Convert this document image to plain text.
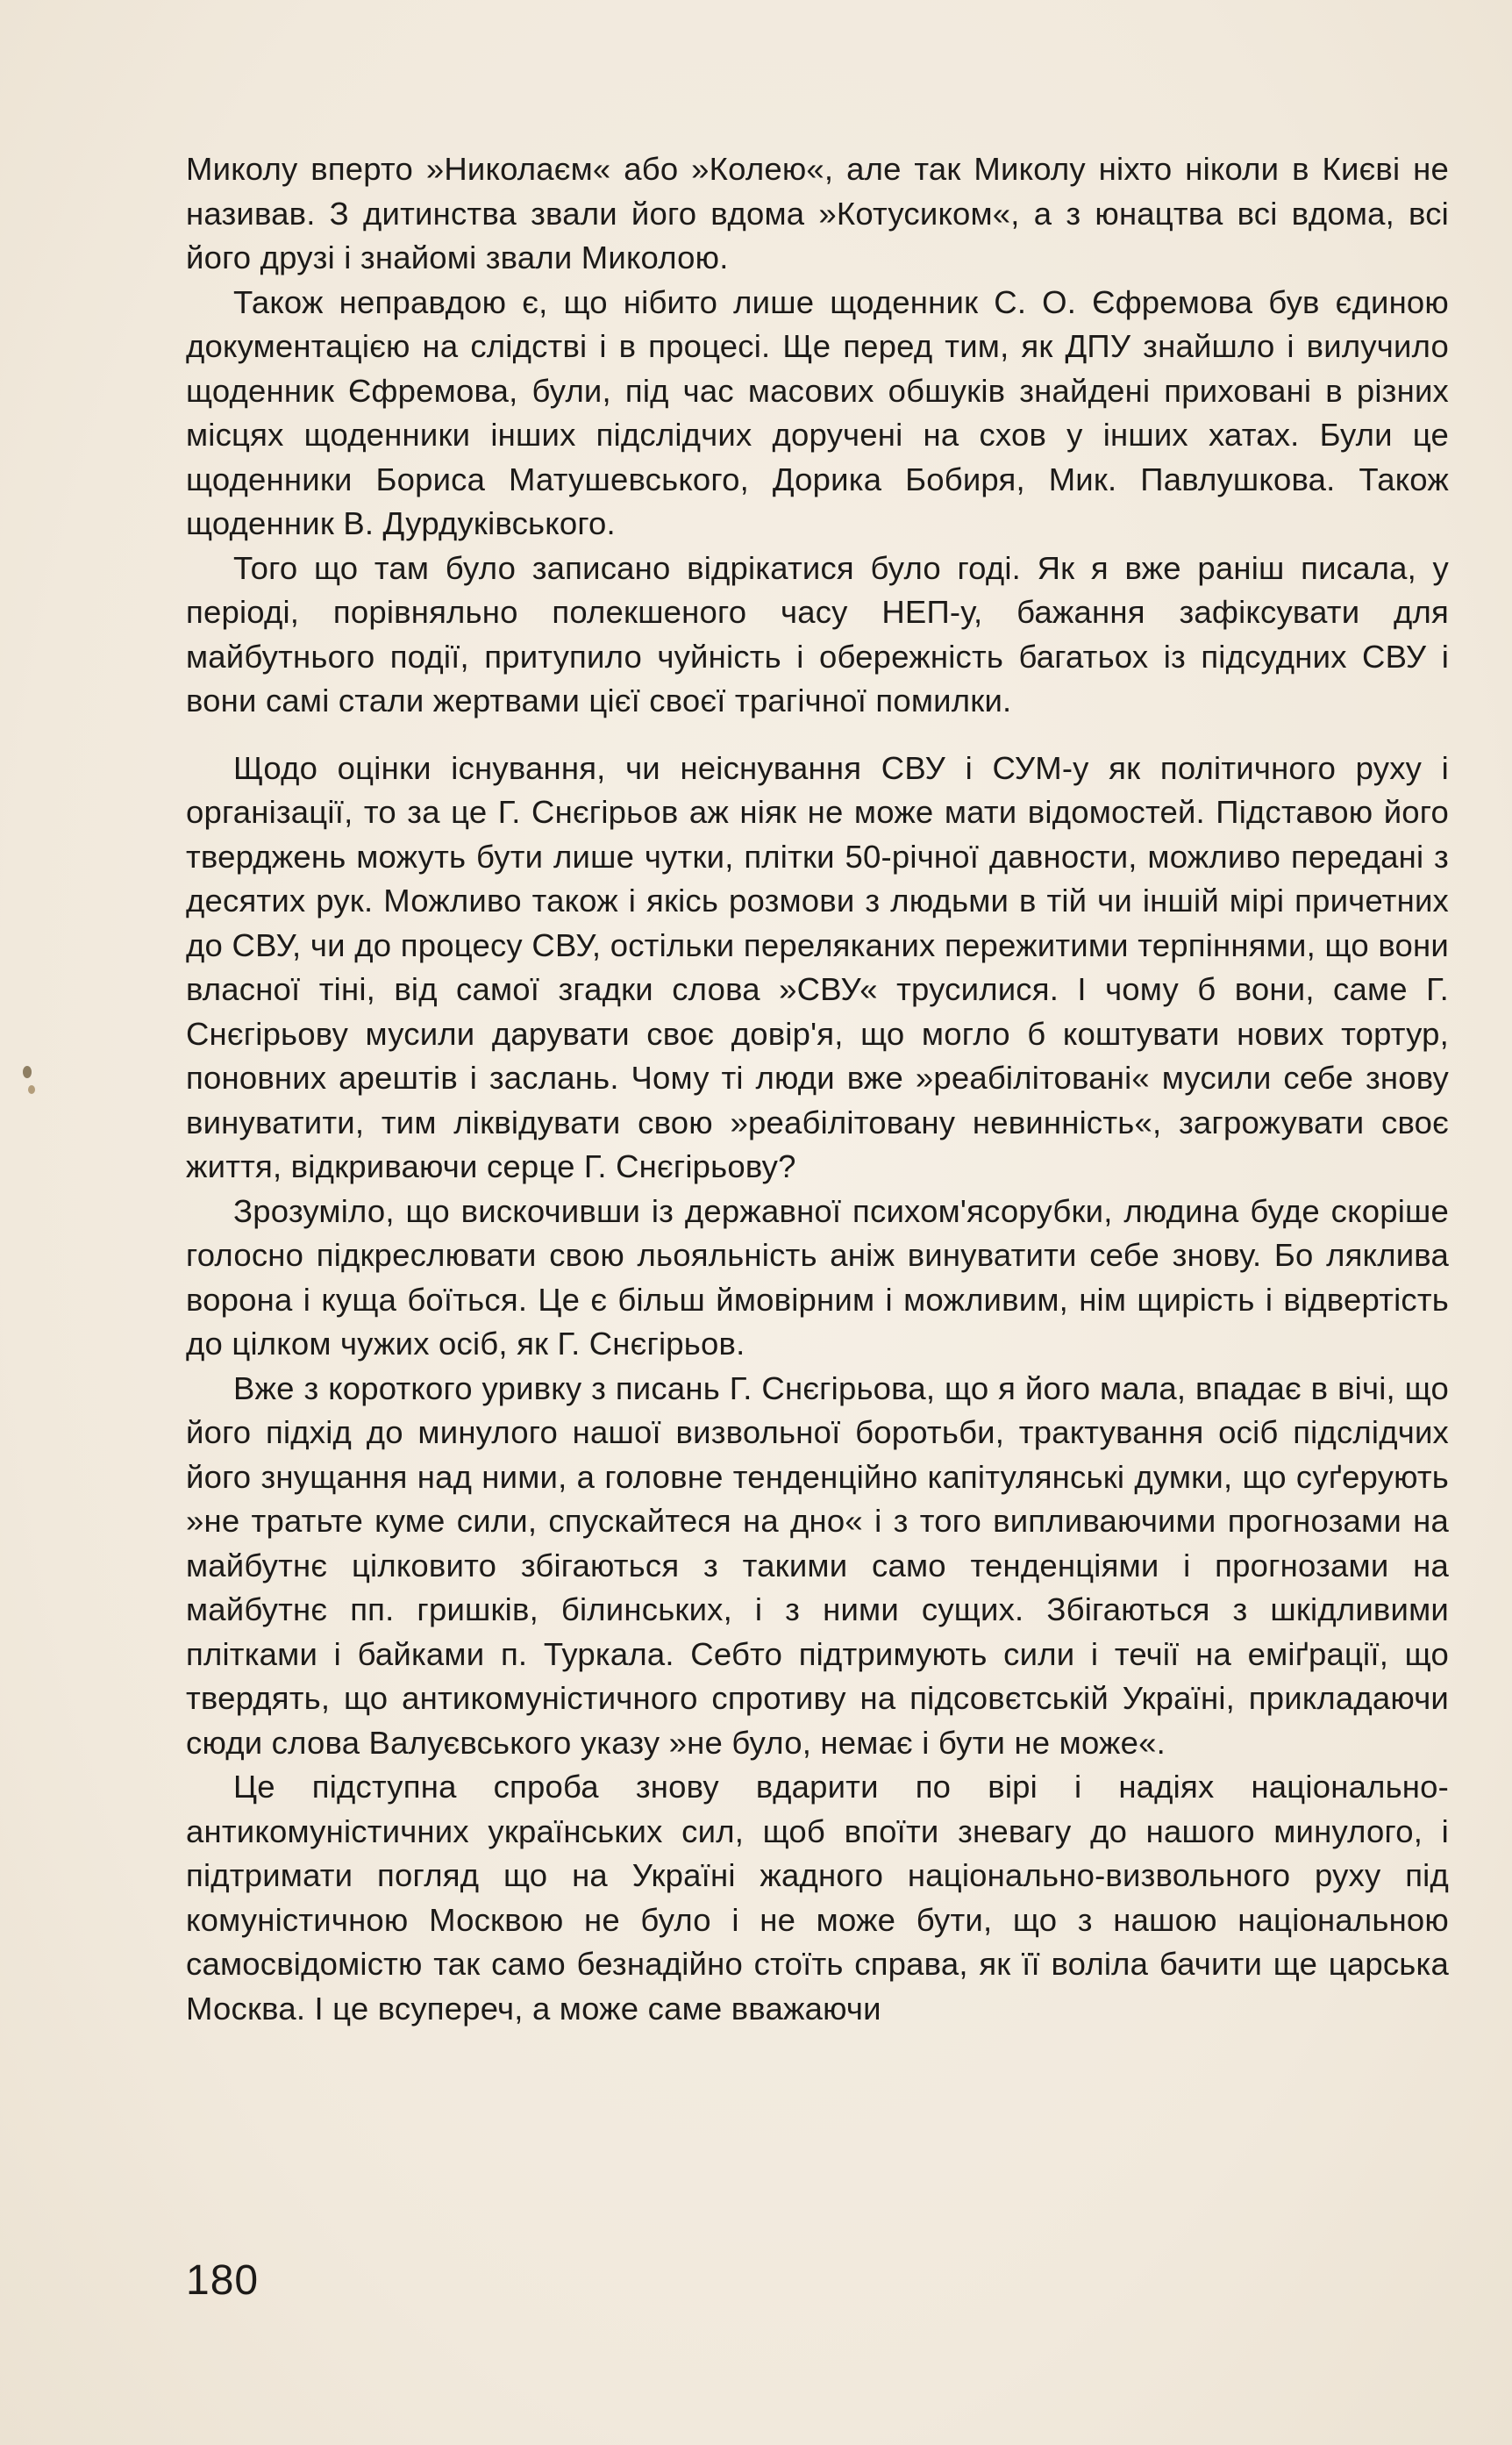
Миколу вперто »Николаєм« або »Колею«, але так Миколу ніхто ніколи в Києві не називав. З дитинства звали його вдома »Котусиком«, а з юнацтва всі вдома, всі його друзі і знайомі звали Миколою.

Також неправдою є, що нібито лише щоденник С. О. Єфремова був єдиною документацією на слідстві і в процесі. Ще перед тим, як ДПУ знайшло і вилучило щоденник Єфремова, були, під час масових обшуків знайдені приховані в різних місцях щоденники інших підслідчих доручені на схов у інших хатах. Були це щоденники Бориса Матушевського, Дорика Бобиря, Мик. Павлушкова. Також щоденник В. Дурдуківського.

Того що там було записано відрікатися було годі. Як я вже раніш писала, у періоді, порівняльно полекшеного часу НЕП-у, бажання зафіксувати для майбутнього події, притупило чуйність і обережність багатьох із підсудних СВУ і вони самі стали жертвами цієї своєї трагічної помилки.

Щодо оцінки існування, чи неіснування СВУ і СУМ-у як політичного руху і організації, то за це Г. Снєгірьов аж ніяк не може мати відомостей. Підставою його тверджень можуть бути лише чутки, плітки 50-річної давности, можливо передані з десятих рук. Можливо також і якісь розмови з людьми в тій чи іншій мірі причетних до СВУ, чи до процесу СВУ, остільки переляканих пережитими терпіннями, що вони власної тіні, від самої згадки слова »СВУ« трусилися. І чому б вони, саме Г. Снєгірьову мусили дарувати своє довір'я, що могло б коштувати нових тортур, поновних арештів і заслань. Чому ті люди вже »реабілітовані« мусили себе знову винуватити, тим ліквідувати свою »реабілітовану невинність«, загрожувати своє життя, відкриваючи серце Г. Снєгірьову?

Зрозуміло, що вискочивши із державної психом'ясорубки, людина буде скоріше голосно підкреслювати свою льояльність аніж винуватити себе знову. Бо ляклива ворона і куща боїться. Це є більш ймовірним і можливим, нім щирість і відвертість до цілком чужих осіб, як Г. Снєгірьов.

Вже з короткого уривку з писань Г. Снєгірьова, що я його мала, впадає в вічі, що його підхід до минулого нашої визвольної боротьби, трактування осіб підслідчих його знущання над ними, а головне тенденційно капітулянські думки, що суґерують »не тратьте куме сили, спускайтеся на дно« і з того випливаючими прогнозами на майбутнє цілковито збігаються з такими само тенденціями і прогнозами на майбутнє пп. гришків, білинських, і з ними сущих. Збігаються з шкідливими плітками і байками п. Туркала. Себто підтримують сили і течії на еміґрації, що твердять, що антикомуністичного спротиву на підсовєтській Україні, прикладаючи сюди слова Валуєвського указу »не було, немає і бути не може«.

Це підступна спроба знову вдарити по вірі і надіях національно-антикомуністичних українських сил, щоб впоїти зневагу до нашого минулого, і підтримати погляд що на Україні жадного національно-визвольного руху під комуністичною Москвою не було і не може бути, що з нашою національною самосвідомістю так само безнадійно стоїть справа, як її воліла бачити ще царська Москва. І це всупереч, а може саме вважаючи

180
